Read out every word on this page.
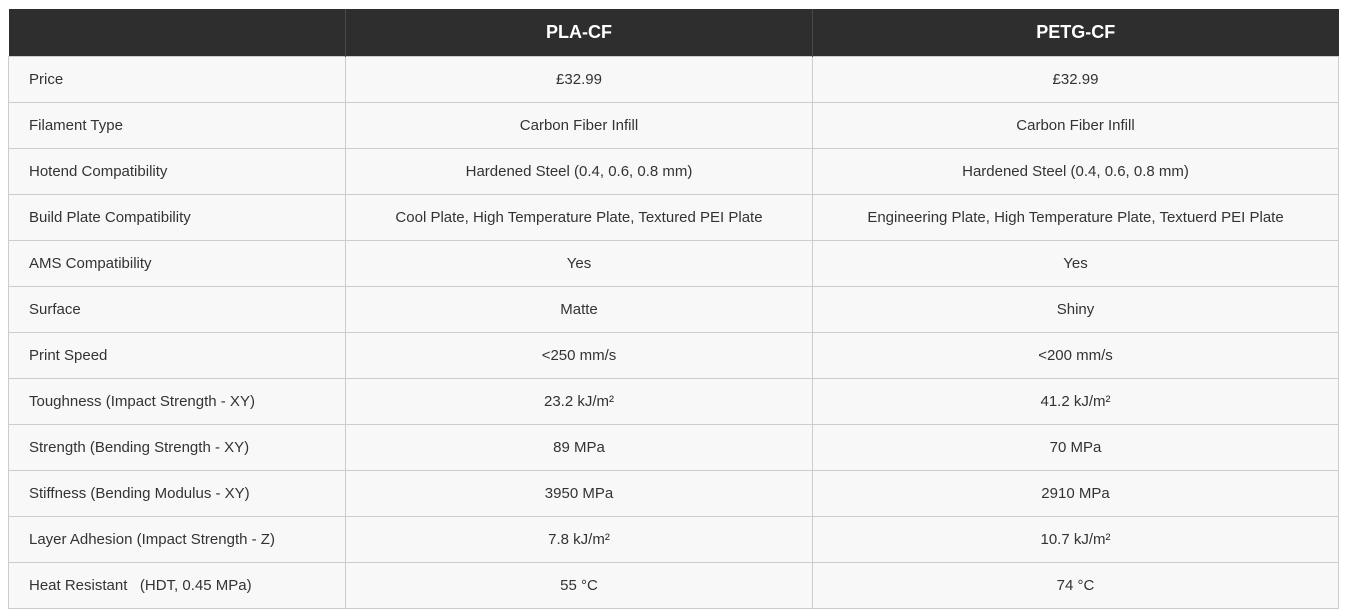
	PLA-CF	PETG-CF
Price	£32.99	£32.99
Filament Type	Carbon Fiber Infill	Carbon Fiber Infill
Hotend Compatibility	Hardened Steel (0.4, 0.6, 0.8 mm)	Hardened Steel (0.4, 0.6, 0.8 mm)
Build Plate Compatibility	Cool Plate, High Temperature Plate, Textured PEI Plate	Engineering Plate, High Temperature Plate, Textuerd PEI Plate
AMS Compatibility	Yes	Yes
Surface	Matte	Shiny
Print Speed	<250 mm/s	<200 mm/s
Toughness (Impact Strength - XY)	23.2 kJ/m²	41.2 kJ/m²
Strength (Bending Strength - XY)	89 MPa	70 MPa
Stiffness (Bending Modulus - XY)	3950 MPa	2910 MPa
Layer Adhesion (Impact Strength - Z)	7.8 kJ/m²	10.7 kJ/m²
Heat Resistant   (HDT, 0.45 MPa)	55 °C	74 °C
